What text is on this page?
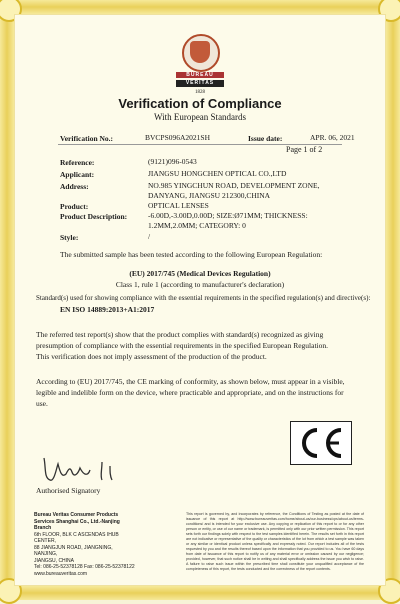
BUREAU
VERITAS
1828
Verification of Compliance
With European Standards
Verification No.:	BVCPS096A2021SH	Issue date:	APR. 06, 2021
Page 1 of 2
Reference:	(9121)096-0543
Applicant:	JIANGSU HONGCHEN OPTICAL CO.,LTD
Address:	NO.985 YINGCHUN ROAD, DEVELOPMENT ZONE,
DANYANG, JIANGSU 212300,CHINA
Product:	OPTICAL LENSES
Product Description:	-6.00D,-3.00D,0.00D; SIZE:Ø71MM; THICKNESS:
1.2MM,2.0MM; CATEGORY: 0
Style:	/
The submitted sample has been tested according to the following European Regulation:
(EU) 2017/745 (Medical Devices Regulation)
Class 1, rule 1 (according to manufacturer's declaration)
Standard(s) used for showing compliance with the essential requirements in the specified regulation(s) and directive(s):
EN ISO 14889:2013+A1:2017
The referred test report(s) show that the product complies with standard(s) recognized as giving
presumption of compliance with the essential requirements in the specified European Regulation.
This verification does not imply assessment of the production of the product.
According to (EU) 2017/745, the CE marking of conformity, as shown below, must appear in a visible,
legible and indelible form on the device, where practicable and appropriate, and on the instructions for
use.
Authorised Signatory
Bureau Veritas Consumer Products
Services Shanghai Co., Ltd.-Nanjing
Branch
6th FLOOR, BLK C ASCENDAS IHUB
CENTER,
88 JIANGJUN ROAD, JIANGNING,
NANJING,
JIANGSU, CHINA
Tel: 086-25-52378128 Fax: 086-25-52378122
www.bureauveritas.com
This report is governed by, and incorporates by reference, the Conditions of Testing as posted at the date of issuance of this report at http://www.bureauveritas.com/home/about-us/our-business/cps/about-us/terms-conditions/ and is intended for your exclusive use. Any copying or replication of this report to or for any other person or entity, or use of our name or trademark, is permitted only with our prior written permission. This report sets forth our findings solely with respect to the test samples identified herein. The results set forth in this report are not indicative or representative of the quality or characteristics of the lot from which a test sample was taken or any similar or identical product unless specifically and expressly noted. Our report includes all of the tests requested by you and the results thereof based upon the information that you provided to us. You have 60 days from date of issuance of this report to notify us of any material error or omission caused by our negligence; provided, however, that such notice shall be in writing and shall specifically address the issue you wish to raise. A failure to raise such issue within the prescribed time shall constitute your unqualified acceptance of the completeness of this report, the tests conducted and the correctness of the report contents.
